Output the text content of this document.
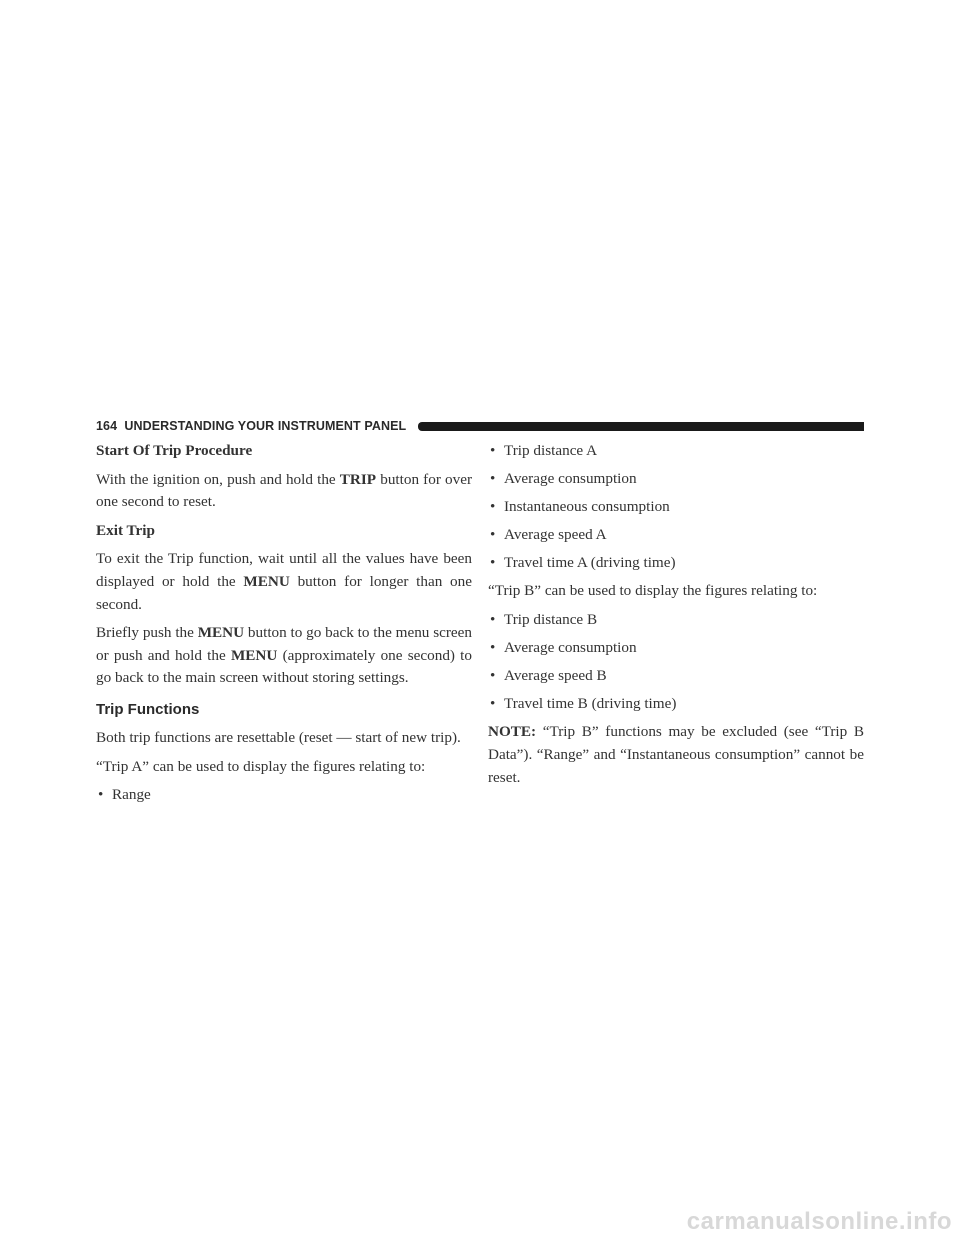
164 UNDERSTANDING YOUR INSTRUMENT PANEL
Start Of Trip Procedure

With the ignition on, push and hold the TRIP button for over one second to reset.

Exit Trip

To exit the Trip function, wait until all the values have been displayed or hold the MENU button for longer than one second.

Briefly push the MENU button to go back to the menu screen or push and hold the MENU (approximately one second) to go back to the main screen without storing settings.

Trip Functions

Both trip functions are resettable (reset — start of new trip).

“Trip A” can be used to display the figures relating to:

• Range
• Trip distance A
• Average consumption
• Instantaneous consumption
• Average speed A
• Travel time A (driving time)

“Trip B” can be used to display the figures relating to:

• Trip distance B
• Average consumption
• Average speed B
• Travel time B (driving time)

NOTE: “Trip B” functions may be excluded (see “Trip B Data”). “Range” and “Instantaneous consumption” cannot be reset.

carmanualsonline.info
